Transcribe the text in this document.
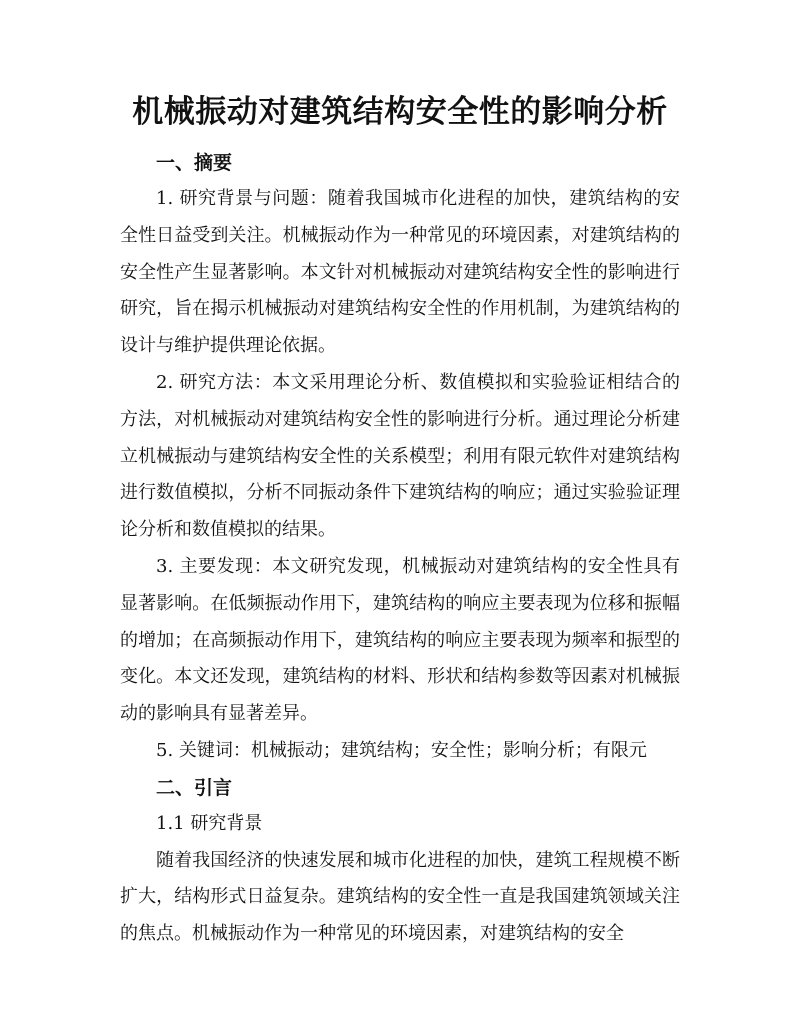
机械振动对建筑结构安全性的影响分析
一、摘要

1. 研究背景与问题：随着我国城市化进程的加快，建筑结构的安全性日益受到关注。机械振动作为一种常见的环境因素，对建筑结构的安全性产生显著影响。本文针对机械振动对建筑结构安全性的影响进行研究，旨在揭示机械振动对建筑结构安全性的作用机制，为建筑结构的设计与维护提供理论依据。

2. 研究方法：本文采用理论分析、数值模拟和实验验证相结合的方法，对机械振动对建筑结构安全性的影响进行分析。通过理论分析建立机械振动与建筑结构安全性的关系模型；利用有限元软件对建筑结构进行数值模拟，分析不同振动条件下建筑结构的响应；通过实验验证理论分析和数值模拟的结果。

3. 主要发现：本文研究发现，机械振动对建筑结构的安全性具有显著影响。在低频振动作用下，建筑结构的响应主要表现为位移和振幅的增加；在高频振动作用下，建筑结构的响应主要表现为频率和振型的变化。本文还发现，建筑结构的材料、形状和结构参数等因素对机械振动的影响具有显著差异。

5. 关键词：机械振动；建筑结构；安全性；影响分析；有限元

二、引言

1.1 研究背景

随着我国经济的快速发展和城市化进程的加快，建筑工程规模不断扩大，结构形式日益复杂。建筑结构的安全性一直是我国建筑领域关注的焦点。机械振动作为一种常见的环境因素，对建筑结构的安全
